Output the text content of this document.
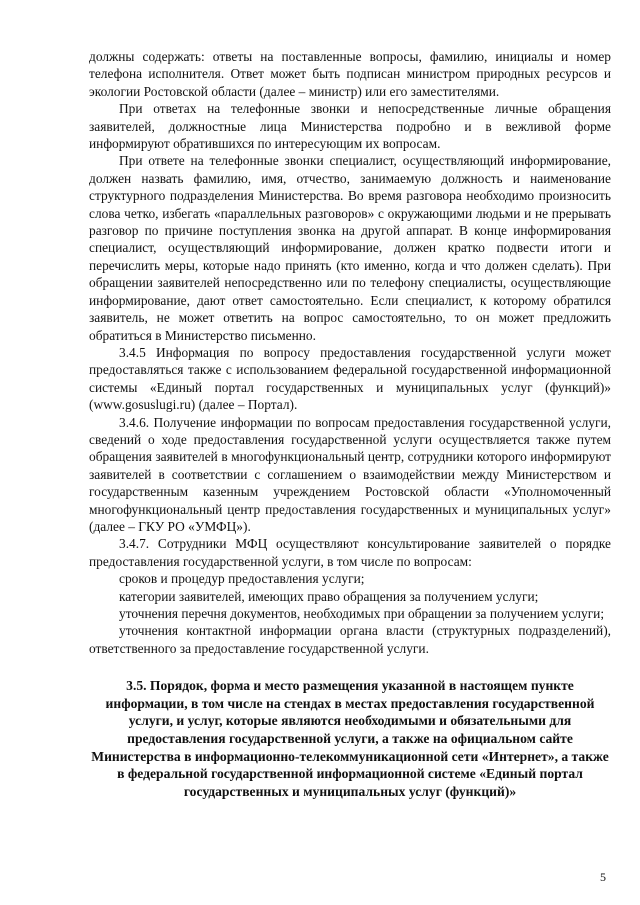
должны содержать: ответы на поставленные вопросы, фамилию, инициалы и номер телефона исполнителя. Ответ может быть подписан министром природных ресурсов и экологии Ростовской области (далее – министр) или его заместителями.

При ответах на телефонные звонки и непосредственные личные обращения заявителей, должностные лица Министерства подробно и в вежливой форме информируют обратившихся по интересующим их вопросам.

При ответе на телефонные звонки специалист, осуществляющий информирование, должен назвать фамилию, имя, отчество, занимаемую должность и наименование структурного подразделения Министерства. Во время разговора необходимо произносить слова четко, избегать «параллельных разговоров» с окружающими людьми и не прерывать разговор по причине поступления звонка на другой аппарат. В конце информирования специалист, осуществляющий информирование, должен кратко подвести итоги и перечислить меры, которые надо принять (кто именно, когда и что должен сделать). При обращении заявителей непосредственно или по телефону специалисты, осуществляющие информирование, дают ответ самостоятельно. Если специалист, к которому обратился заявитель, не может ответить на вопрос самостоятельно, то он может предложить обратиться в Министерство письменно.

3.4.5 Информация по вопросу предоставления государственной услуги может предоставляться также с использованием федеральной государственной информационной системы «Единый портал государственных и муниципальных услуг (функций)» (www.gosuslugi.ru) (далее – Портал).

3.4.6. Получение информации по вопросам предоставления государственной услуги, сведений о ходе предоставления государственной услуги осуществляется также путем обращения заявителей в многофункциональный центр, сотрудники которого информируют заявителей в соответствии с соглашением о взаимодействии между Министерством и государственным казенным учреждением Ростовской области «Уполномоченный многофункциональный центр предоставления государственных и муниципальных услуг» (далее – ГКУ РО «УМФЦ»).

3.4.7. Сотрудники МФЦ осуществляют консультирование заявителей о порядке предоставления государственной услуги, в том числе по вопросам:

сроков и процедур предоставления услуги;

категории заявителей, имеющих право обращения за получением услуги;

уточнения перечня документов, необходимых при обращении за получением услуги;

уточнения контактной информации органа власти (структурных подразделений), ответственного за предоставление государственной услуги.

3.5. Порядок, форма и место размещения указанной в настоящем пункте информации, в том числе на стендах в местах предоставления государственной услуги, и услуг, которые являются необходимыми и обязательными для предоставления государственной услуги, а также на официальном сайте Министерства в информационно-телекоммуникационной сети «Интернет», а также в федеральной государственной информационной системе «Единый портал государственных и муниципальных услуг (функций)»

5
